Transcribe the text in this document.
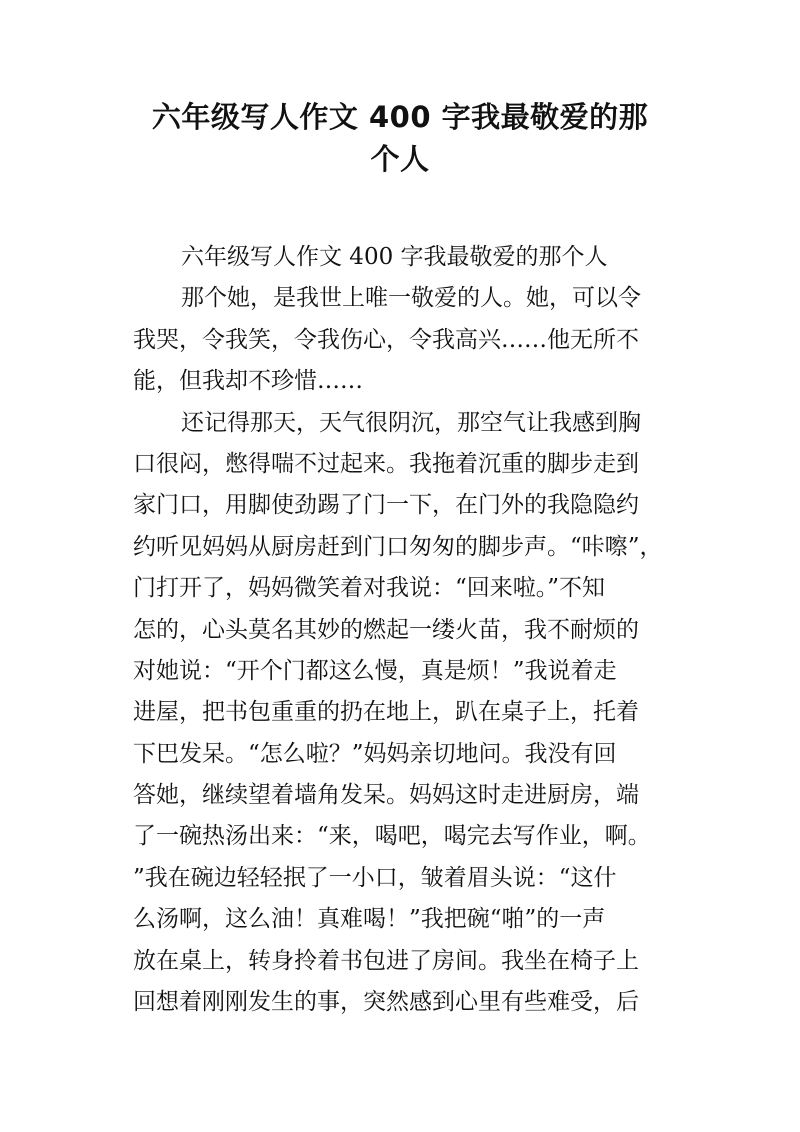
六年级写人作文 400 字我最敬爱的那
个人
六年级写人作文 400 字我最敬爱的那个人
那个她，是我世上唯一敬爱的人。她，可以令
我哭，令我笑，令我伤心，令我高兴……他无所不
能，但我却不珍惜……
还记得那天，天气很阴沉，那空气让我感到胸
口很闷，憋得喘不过起来。我拖着沉重的脚步走到
家门口，用脚使劲踢了门一下，在门外的我隐隐约
约听见妈妈从厨房赶到门口匆匆的脚步声。“咔嚓”，
门打开了，妈妈微笑着对我说：“回来啦。”不知
怎的，心头莫名其妙的燃起一缕火苗，我不耐烦的
对她说：“开个门都这么慢，真是烦！”我说着走
进屋，把书包重重的扔在地上，趴在桌子上，托着
下巴发呆。“怎么啦？”妈妈亲切地问。我没有回
答她，继续望着墙角发呆。妈妈这时走进厨房，端
了一碗热汤出来：“来，喝吧，喝完去写作业，啊。
”我在碗边轻轻抿了一小口，皱着眉头说：“这什
么汤啊，这么油！真难喝！”我把碗“啪”的一声
放在桌上，转身拎着书包进了房间。我坐在椅子上
回想着刚刚发生的事，突然感到心里有些难受，后
